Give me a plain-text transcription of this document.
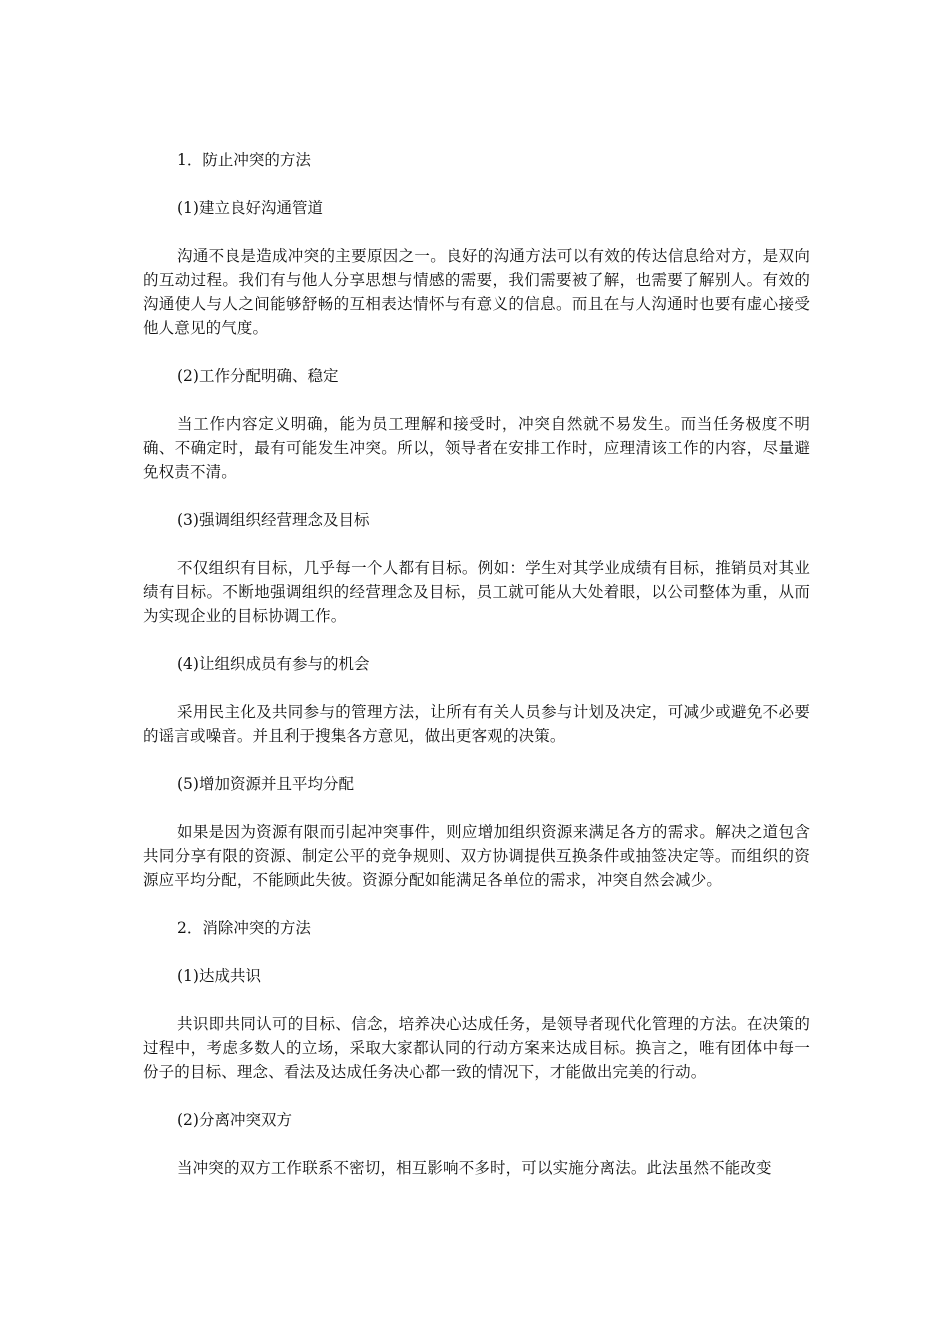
1．防止冲突的方法
(1)建立良好沟通管道
沟通不良是造成冲突的主要原因之一。良好的沟通方法可以有效的传达信息给对方，是双向的互动过程。我们有与他人分享思想与情感的需要，我们需要被了解，也需要了解别人。有效的沟通使人与人之间能够舒畅的互相表达情怀与有意义的信息。而且在与人沟通时也要有虚心接受他人意见的气度。
(2)工作分配明确、稳定
当工作内容定义明确，能为员工理解和接受时，冲突自然就不易发生。而当任务极度不明确、不确定时，最有可能发生冲突。所以，领导者在安排工作时，应理清该工作的内容，尽量避免权责不清。
(3)强调组织经营理念及目标
不仅组织有目标，几乎每一个人都有目标。例如：学生对其学业成绩有目标，推销员对其业绩有目标。不断地强调组织的经营理念及目标，员工就可能从大处着眼，以公司整体为重，从而为实现企业的目标协调工作。
(4)让组织成员有参与的机会
采用民主化及共同参与的管理方法，让所有有关人员参与计划及决定，可减少或避免不必要的谣言或噪音。并且利于搜集各方意见，做出更客观的决策。
(5)增加资源并且平均分配
如果是因为资源有限而引起冲突事件，则应增加组织资源来满足各方的需求。解决之道包含共同分享有限的资源、制定公平的竞争规则、双方协调提供互换条件或抽签决定等。而组织的资源应平均分配，不能顾此失彼。资源分配如能满足各单位的需求，冲突自然会减少。
2．消除冲突的方法
(1)达成共识
共识即共同认可的目标、信念，培养决心达成任务，是领导者现代化管理的方法。在决策的过程中，考虑多数人的立场，采取大家都认同的行动方案来达成目标。换言之，唯有团体中每一份子的目标、理念、看法及达成任务决心都一致的情况下，才能做出完美的行动。
(2)分离冲突双方
当冲突的双方工作联系不密切，相互影响不多时，可以实施分离法。此法虽然不能改变
